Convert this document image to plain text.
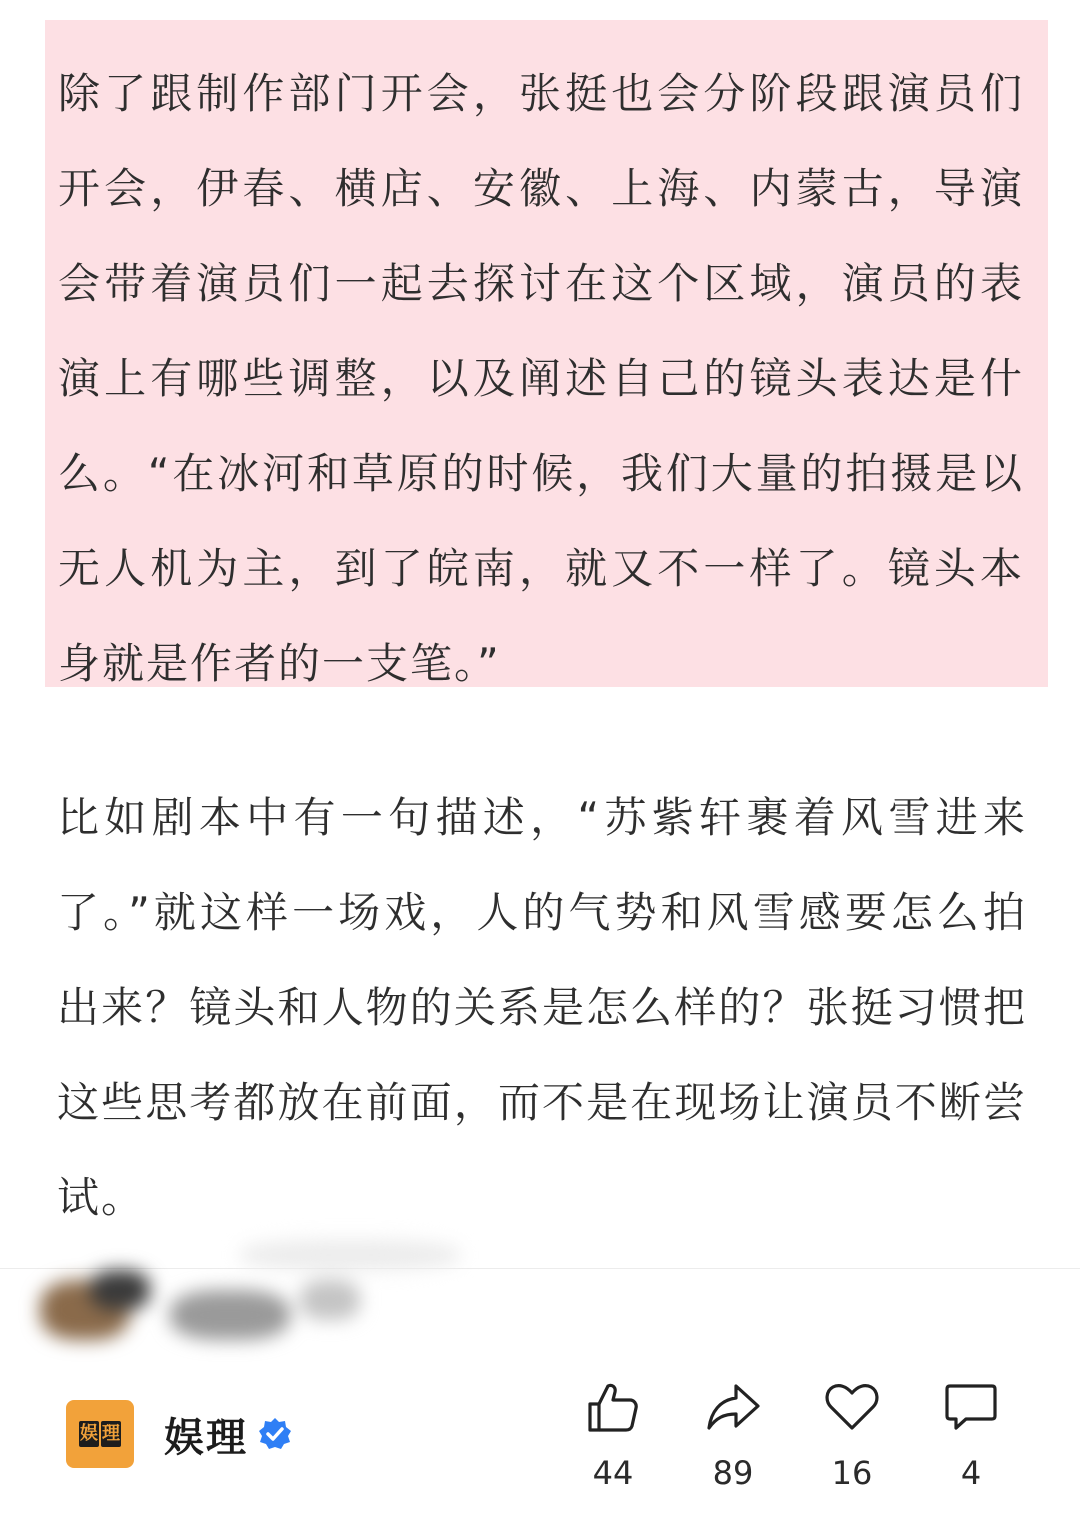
除了跟制作部门开会，张挺也会分阶段跟演员们开会，伊春、横店、安徽、上海、内蒙古，导演会带着演员们一起去探讨在这个区域，演员的表演上有哪些调整，以及阐述自己的镜头表达是什么。“在冰河和草原的时候，我们大量的拍摄是以无人机为主，到了皖南，就又不一样了。镜头本身就是作者的一支笔。”

比如剧本中有一句描述，“苏紫轩裹着风雪进来了。”就这样一场戏，人的气势和风雪感要怎么拍出来？镜头和人物的关系是怎么样的？张挺习惯把这些思考都放在前面，而不是在现场让演员不断尝试。

娱 理 娱理
44 89 16	4
